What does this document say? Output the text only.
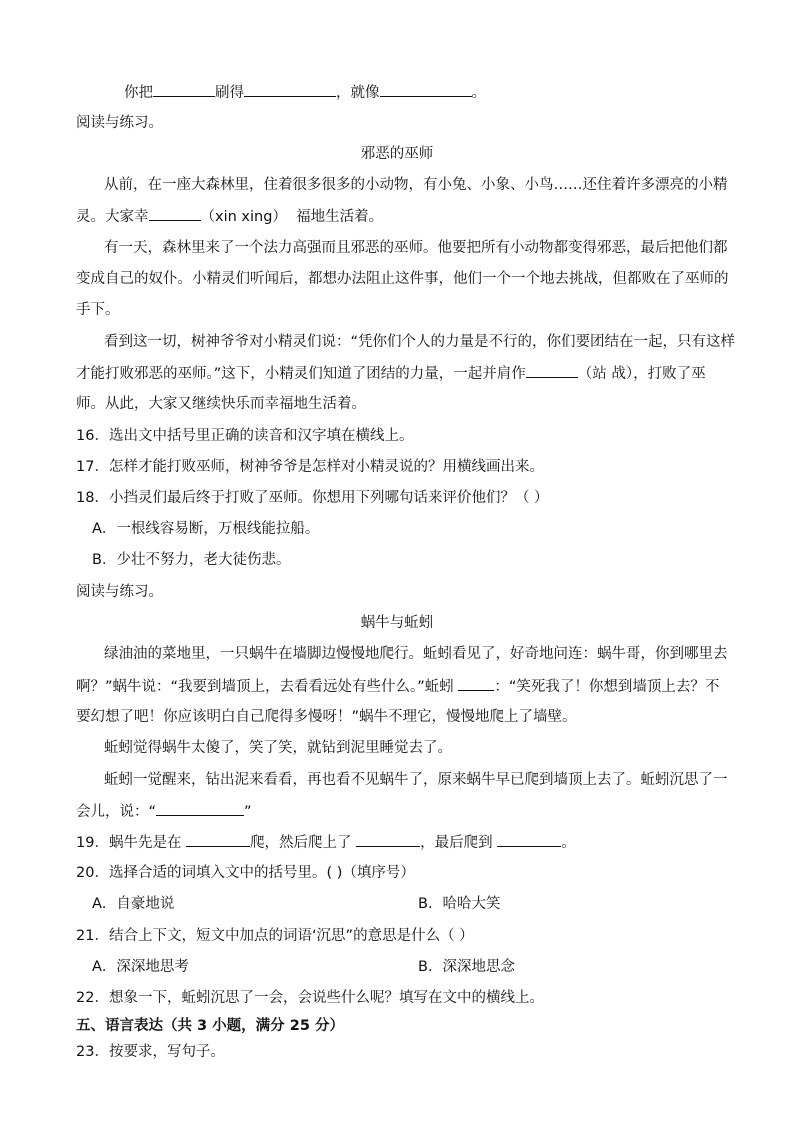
你把	刷得	，就像	。
阅读与练习。
邪恶的巫师
从前，在一座大森林里，住着很多很多的小动物，有小兔、小象、小鸟……还住着许多漂亮的小精
灵。大家幸	（xin xing） 福地生活着。
有一天，森林里来了一个法力高强而且邪恶的巫师。他要把所有小动物都变得邪恶，最后把他们都
变成自己的奴仆。小精灵们听闻后，都想办法阻止这件事，他们一个一个地去挑战，但都败在了巫师的
手下。
看到这一切，树神爷爷对小精灵们说：“凭你们个人的力量是不行的，你们要团结在一起，只有这样
才能打败邪恶的巫师。”这下，小精灵们知道了团结的力量，一起并肩作	（站 战），打败了巫
师。从此，大家又继续快乐而幸福地生活着。
16．选出文中括号里正确的读音和汉字填在横线上。
17．怎样才能打败巫师，树神爷爷是怎样对小精灵说的？用横线画出来。
18．小挡灵们最后终于打败了巫师。你想用下列哪句话来评价他们？（ ）
A．一根线容易断，万根线能拉船。
B．少壮不努力，老大徒伤悲。
阅读与练习。
蜗牛与蚯蚓
绿油油的菜地里，一只蜗牛在墙脚边慢慢地爬行。蚯蚓看见了，好奇地问连：蜗牛哥，你到哪里去
啊？”蜗牛说：“我要到墙顶上，去看看远处有些什么。”蚯蚓 ：“笑死我了！你想到墙顶上去？不
要幻想了吧！你应该明白自己爬得多慢呀！”蜗牛不理它，慢慢地爬上了墙壁。
蚯蚓觉得蜗牛太傻了，笑了笑，就钻到泥里睡觉去了。
蚯蚓一觉醒来，钻出泥来看看，再也看不见蜗牛了，原来蜗牛早已爬到墙顶上去了。蚯蚓沉思了一
会儿，说：“	”
19．蜗牛先是在	爬，然后爬上了	，最后爬到	。
20．选择合适的词填入文中的括号里。( )（填序号）
A．自豪地说	B．哈哈大笑
21．结合上下文，短文中加点的词语‘沉思”的意思是什么（ ）
A．深深地思考	B．深深地思念
22．想象一下，蚯蚓沉思了一会，会说些什么呢？填写在文中的横线上。
五、语言表达（共 3 小题，满分 25 分）
23．按要求，写句子。
